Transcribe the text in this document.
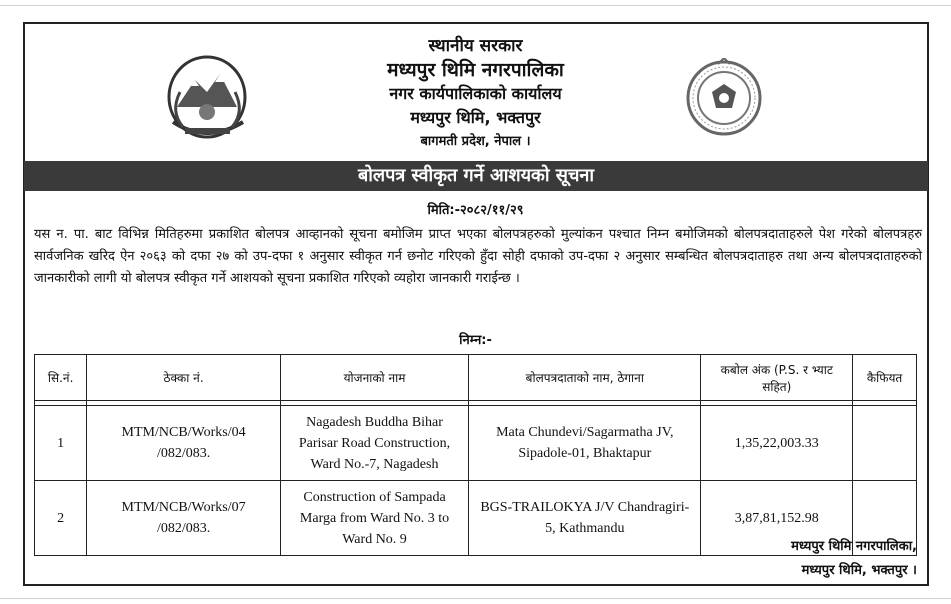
स्थानीय सरकार
मध्यपुर थिमि नगरपालिका
नगर कार्यपालिकाको कार्यालय
मध्यपुर थिमि, भक्तपुर
बागमती प्रदेश, नेपाल ।
बोलपत्र स्वीकृत गर्ने आशयको सूचना
मिति:-२०८२/११/२९
यस न. पा. बाट विभिन्न मितिहरुमा प्रकाशित बोलपत्र आव्हानको सूचना बमोजिम प्राप्त भएका बोलपत्रहरुको मुल्यांकन पश्चात निम्न बमोजिमको बोलपत्रदाताहरुले पेश गरेको बोलपत्रहरु सार्वजनिक खरिद ऐन २०६३ को दफा २७ को उप-दफा १ अनुसार स्वीकृत गर्न छनोट गरिएको हुँदा सोही दफाको उप-दफा २ अनुसार सम्बन्धित बोलपत्रदाताहरु तथा अन्य बोलपत्रदाताहरुको जानकारीको लागी यो बोलपत्र स्वीकृत गर्ने आशयको सूचना प्रकाशित गरिएको व्यहोरा जानकारी गराईन्छ ।
निम्न:-
सि.नं.	ठेक्का नं.	योजनाको नाम	बोलपत्रदाताको नाम, ठेगाना	कबोल अंक (P.S. र भ्याट सहित)	कैफियत

1	MTM/NCB/Works/04 /082/083.	Nagadesh Buddha Bihar Parisar Road Construction, Ward No.-7, Nagadesh	Mata Chundevi/Sagarmatha JV, Sipadole-01, Bhaktapur	1,35,22,003.33	
2	MTM/NCB/Works/07 /082/083.	Construction of Sampada Marga from Ward No. 3 to Ward No. 9	BGS-TRAILOKYA J/V Chandragiri-5, Kathmandu	3,87,81,152.98	
मध्यपुर थिमि नगरपालिका,
मध्यपुर थिमि, भक्तपुर ।
